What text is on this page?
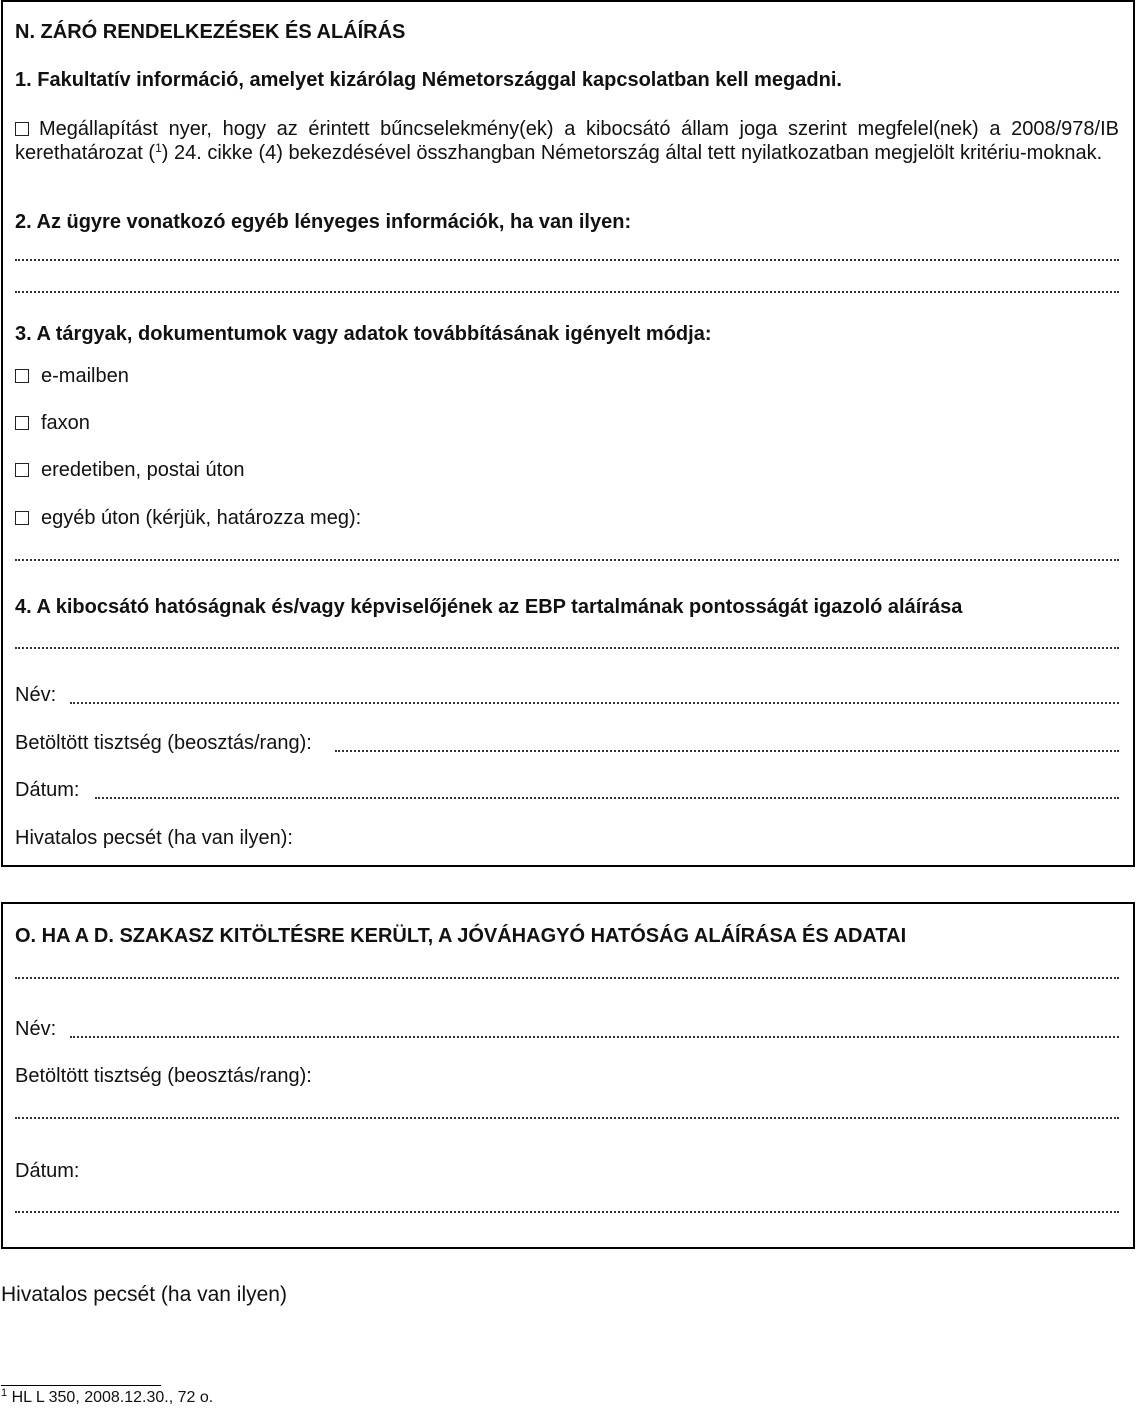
N. ZÁRÓ RENDELKEZÉSEK ÉS ALÁÍRÁS
1. Fakultatív információ, amelyet kizárólag Németországgal kapcsolatban kell megadni.
Megállapítást nyer, hogy az érintett bűncselekmény(ek) a kibocsátó állam joga szerint megfelel(nek) a 2008/978/IB kerethatározat ($^1$) 24. cikke (4) bekezdésével összhangban Németország által tett nyilatkozatban megjelölt kritériu-moknak.
2. Az ügyre vonatkozó egyéb lényeges információk, ha van ilyen:
3. A tárgyak, dokumentumok vagy adatok továbbításának igényelt módja:
e-mailben
faxon
eredetiben, postai úton
egyéb úton (kérjük, határozza meg):
4. A kibocsátó hatóságnak és/vagy képviselőjének az EBP tartalmának pontosságát igazoló aláírása
Név:
Betöltött tisztség (beosztás/rang):
Dátum:
Hivatalos pecsét (ha van ilyen):
O. HA A D. SZAKASZ KITÖLTÉSRE KERÜLT, A JÓVÁHAGYÓ HATÓSÁG ALÁÍRÁSA ÉS ADATAI
Név:
Betöltött tisztség (beosztás/rang):
Dátum:
Hivatalos pecsét (ha van ilyen)
$^1$ HL L 350, 2008.12.30., 72 o.
